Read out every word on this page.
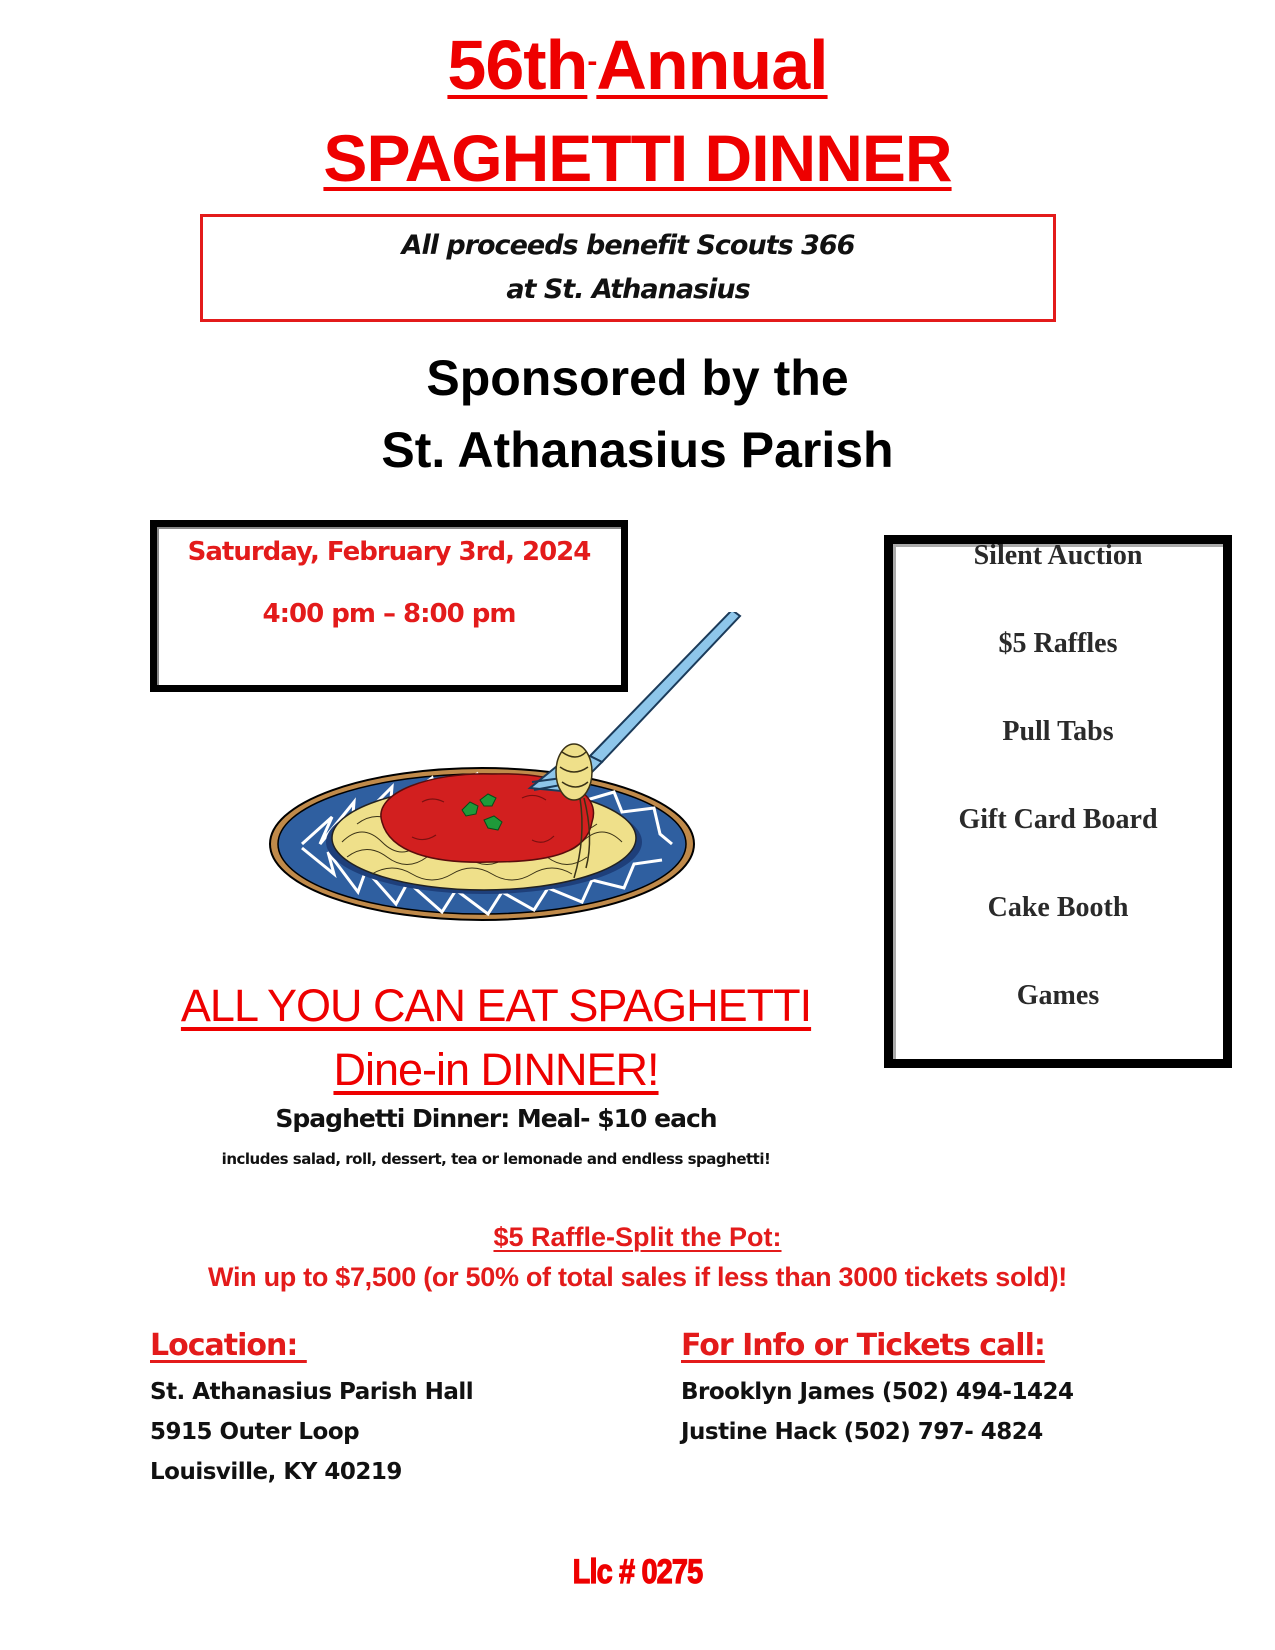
56th-Annual
SPAGHETTI DINNER
All proceeds benefit Scouts 366
at St. Athanasius
Sponsored by the
St. Athanasius Parish
Saturday, February 3rd, 2024
4:00 pm – 8:00 pm
Silent Auction
$5 Raffles
Pull Tabs
Gift Card Board
Cake Booth
Games
ALL YOU CAN EAT SPAGHETTI
Dine-in DINNER!
Spaghetti Dinner: Meal- $10 each
includes salad, roll, dessert, tea or lemonade and endless spaghetti!
$5 Raffle-Split the Pot:
Win up to $7,500 (or 50% of total sales if less than 3000 tickets sold)!
Location:
St. Athanasius Parish Hall
5915 Outer Loop
Louisville, KY 40219
For Info or Tickets call:
Brooklyn James (502) 494-1424
Justine Hack (502) 797- 4824
Llc # 0275
